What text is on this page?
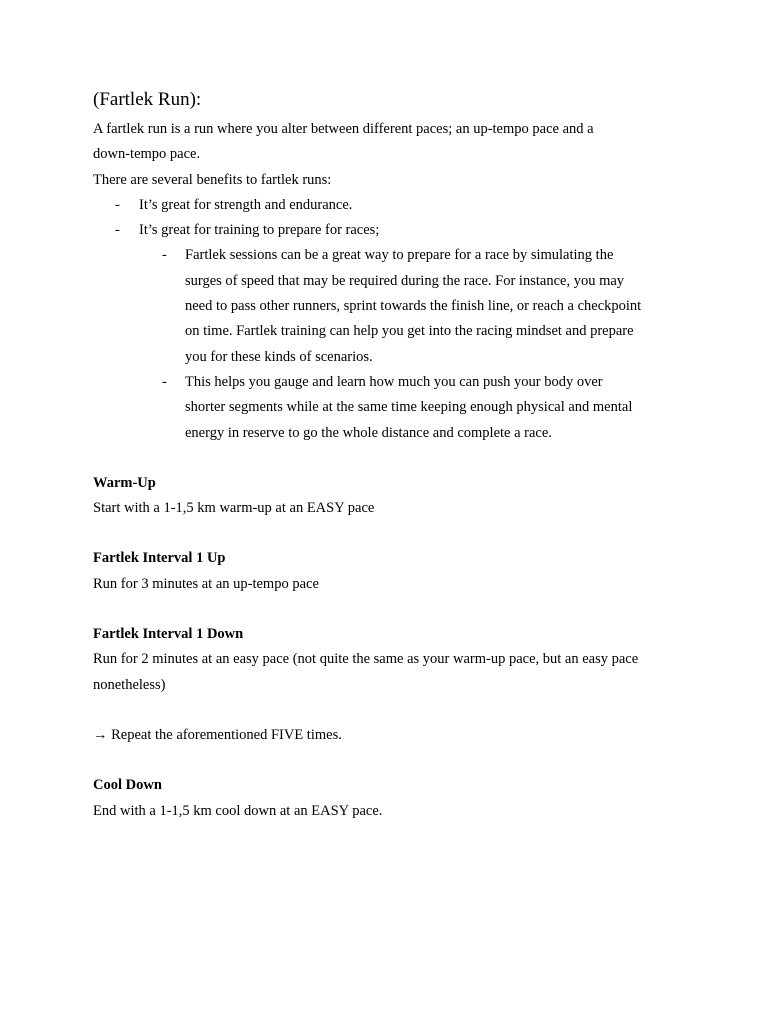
(Fartlek Run):

A fartlek run is a run where you alter between different paces; an up-tempo pace and a

down-tempo pace.

There are several benefits to fartlek runs:

- It’s great for strength and endurance.
- It’s great for training to prepare for races;
- Fartlek sessions can be a great way to prepare for a race by simulating the
surges of speed that may be required during the race. For instance, you may
need to pass other runners, sprint towards the finish line, or reach a checkpoint
on time. Fartlek training can help you get into the racing mindset and prepare
you for these kinds of scenarios.
- This helps you gauge and learn how much you can push your body over
shorter segments while at the same time keeping enough physical and mental
energy in reserve to go the whole distance and complete a race.
Warm-Up

Start with a 1-1,5 km warm-up at an EASY pace

Fartlek Interval 1 Up

Run for 3 minutes at an up-tempo pace

Fartlek Interval 1 Down

Run for 2 minutes at an easy pace (not quite the same as your warm-up pace, but an easy pace

nonetheless)

→ Repeat the aforementioned FIVE times.

Cool Down

End with a 1-1,5 km cool down at an EASY pace.
